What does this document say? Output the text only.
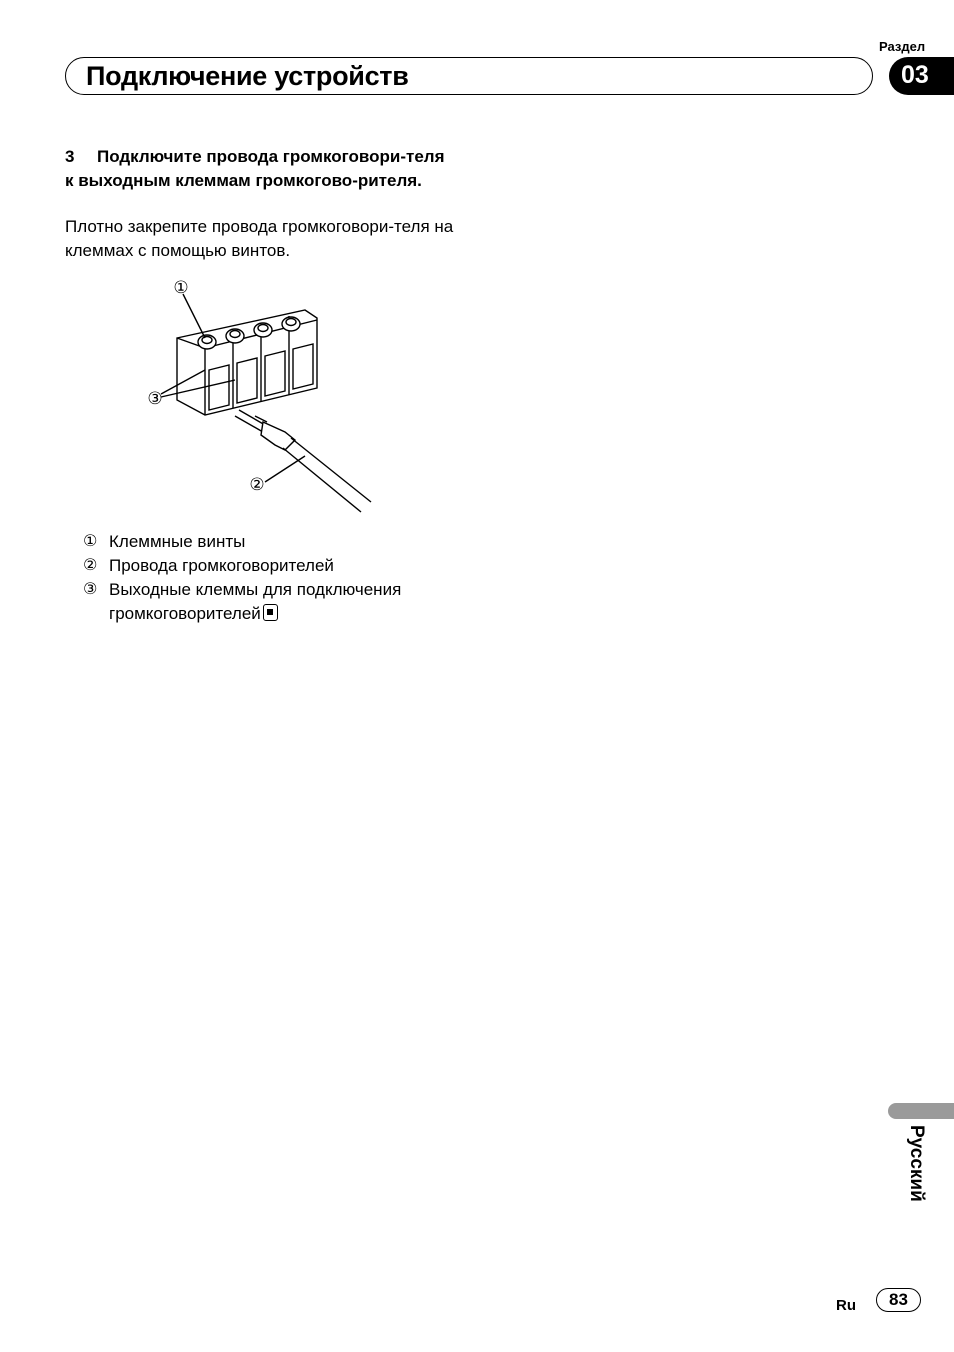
Раздел
Подключение устройств	03
3 Подключите провода громкоговори-теля к выходным клеммам громкогово-рителя.
Плотно закрепите провода громкоговори-теля на клеммах с помощью винтов.
①
③
②
① Клеммные винты
② Провода громкоговорителей
③ Выходные клеммы для подключения громкоговорителей
Русский
Ru	83
